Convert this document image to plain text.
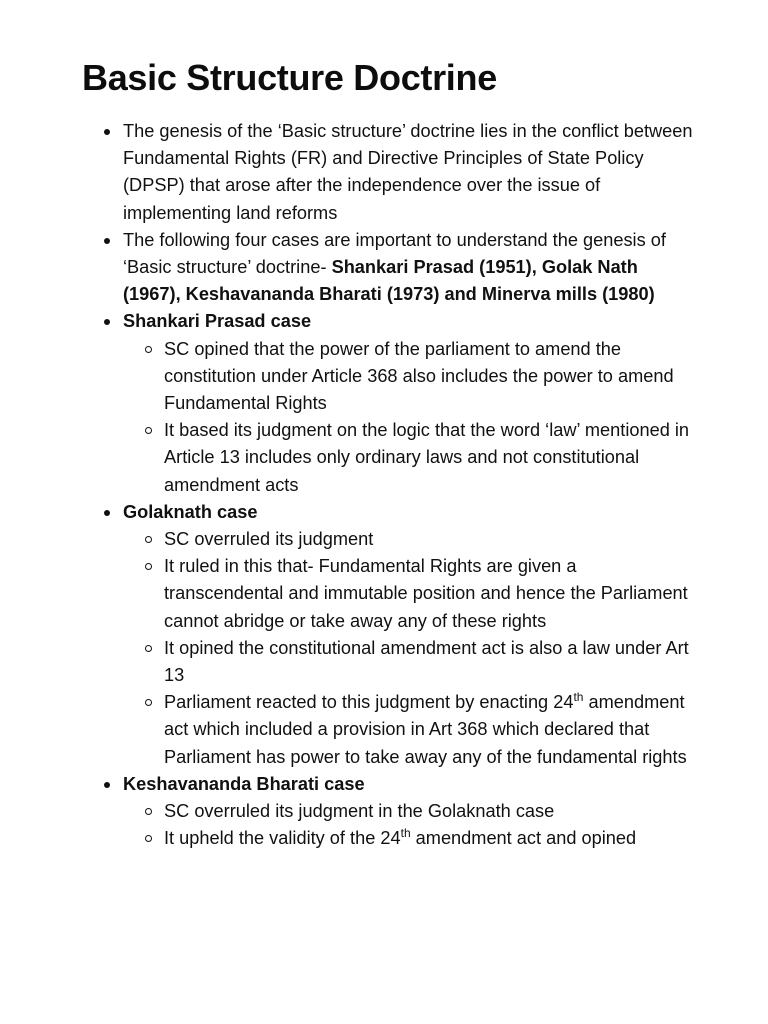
Basic Structure Doctrine
The genesis of the ‘Basic structure’ doctrine lies in the conflict between Fundamental Rights (FR) and Directive Principles of State Policy (DPSP) that arose after the independence over the issue of implementing land reforms
The following four cases are important to understand the genesis of ‘Basic structure’ doctrine- Shankari Prasad (1951), Golak Nath (1967), Keshavananda Bharati (1973) and Minerva mills (1980)
Shankari Prasad case
SC opined that the power of the parliament to amend the constitution under Article 368 also includes the power to amend Fundamental Rights
It based its judgment on the logic that the word ‘law’ mentioned in Article 13 includes only ordinary laws and not constitutional amendment acts
Golaknath case
SC overruled its judgment
It ruled in this that- Fundamental Rights are given a transcendental and immutable position and hence the Parliament cannot abridge or take away any of these rights
It opined the constitutional amendment act is also a law under Art 13
Parliament reacted to this judgment by enacting 24th amendment act which included a provision in Art 368 which declared that Parliament has power to take away any of the fundamental rights
Keshavananda Bharati case
SC overruled its judgment in the Golaknath case
It upheld the validity of the 24th amendment act and opined
